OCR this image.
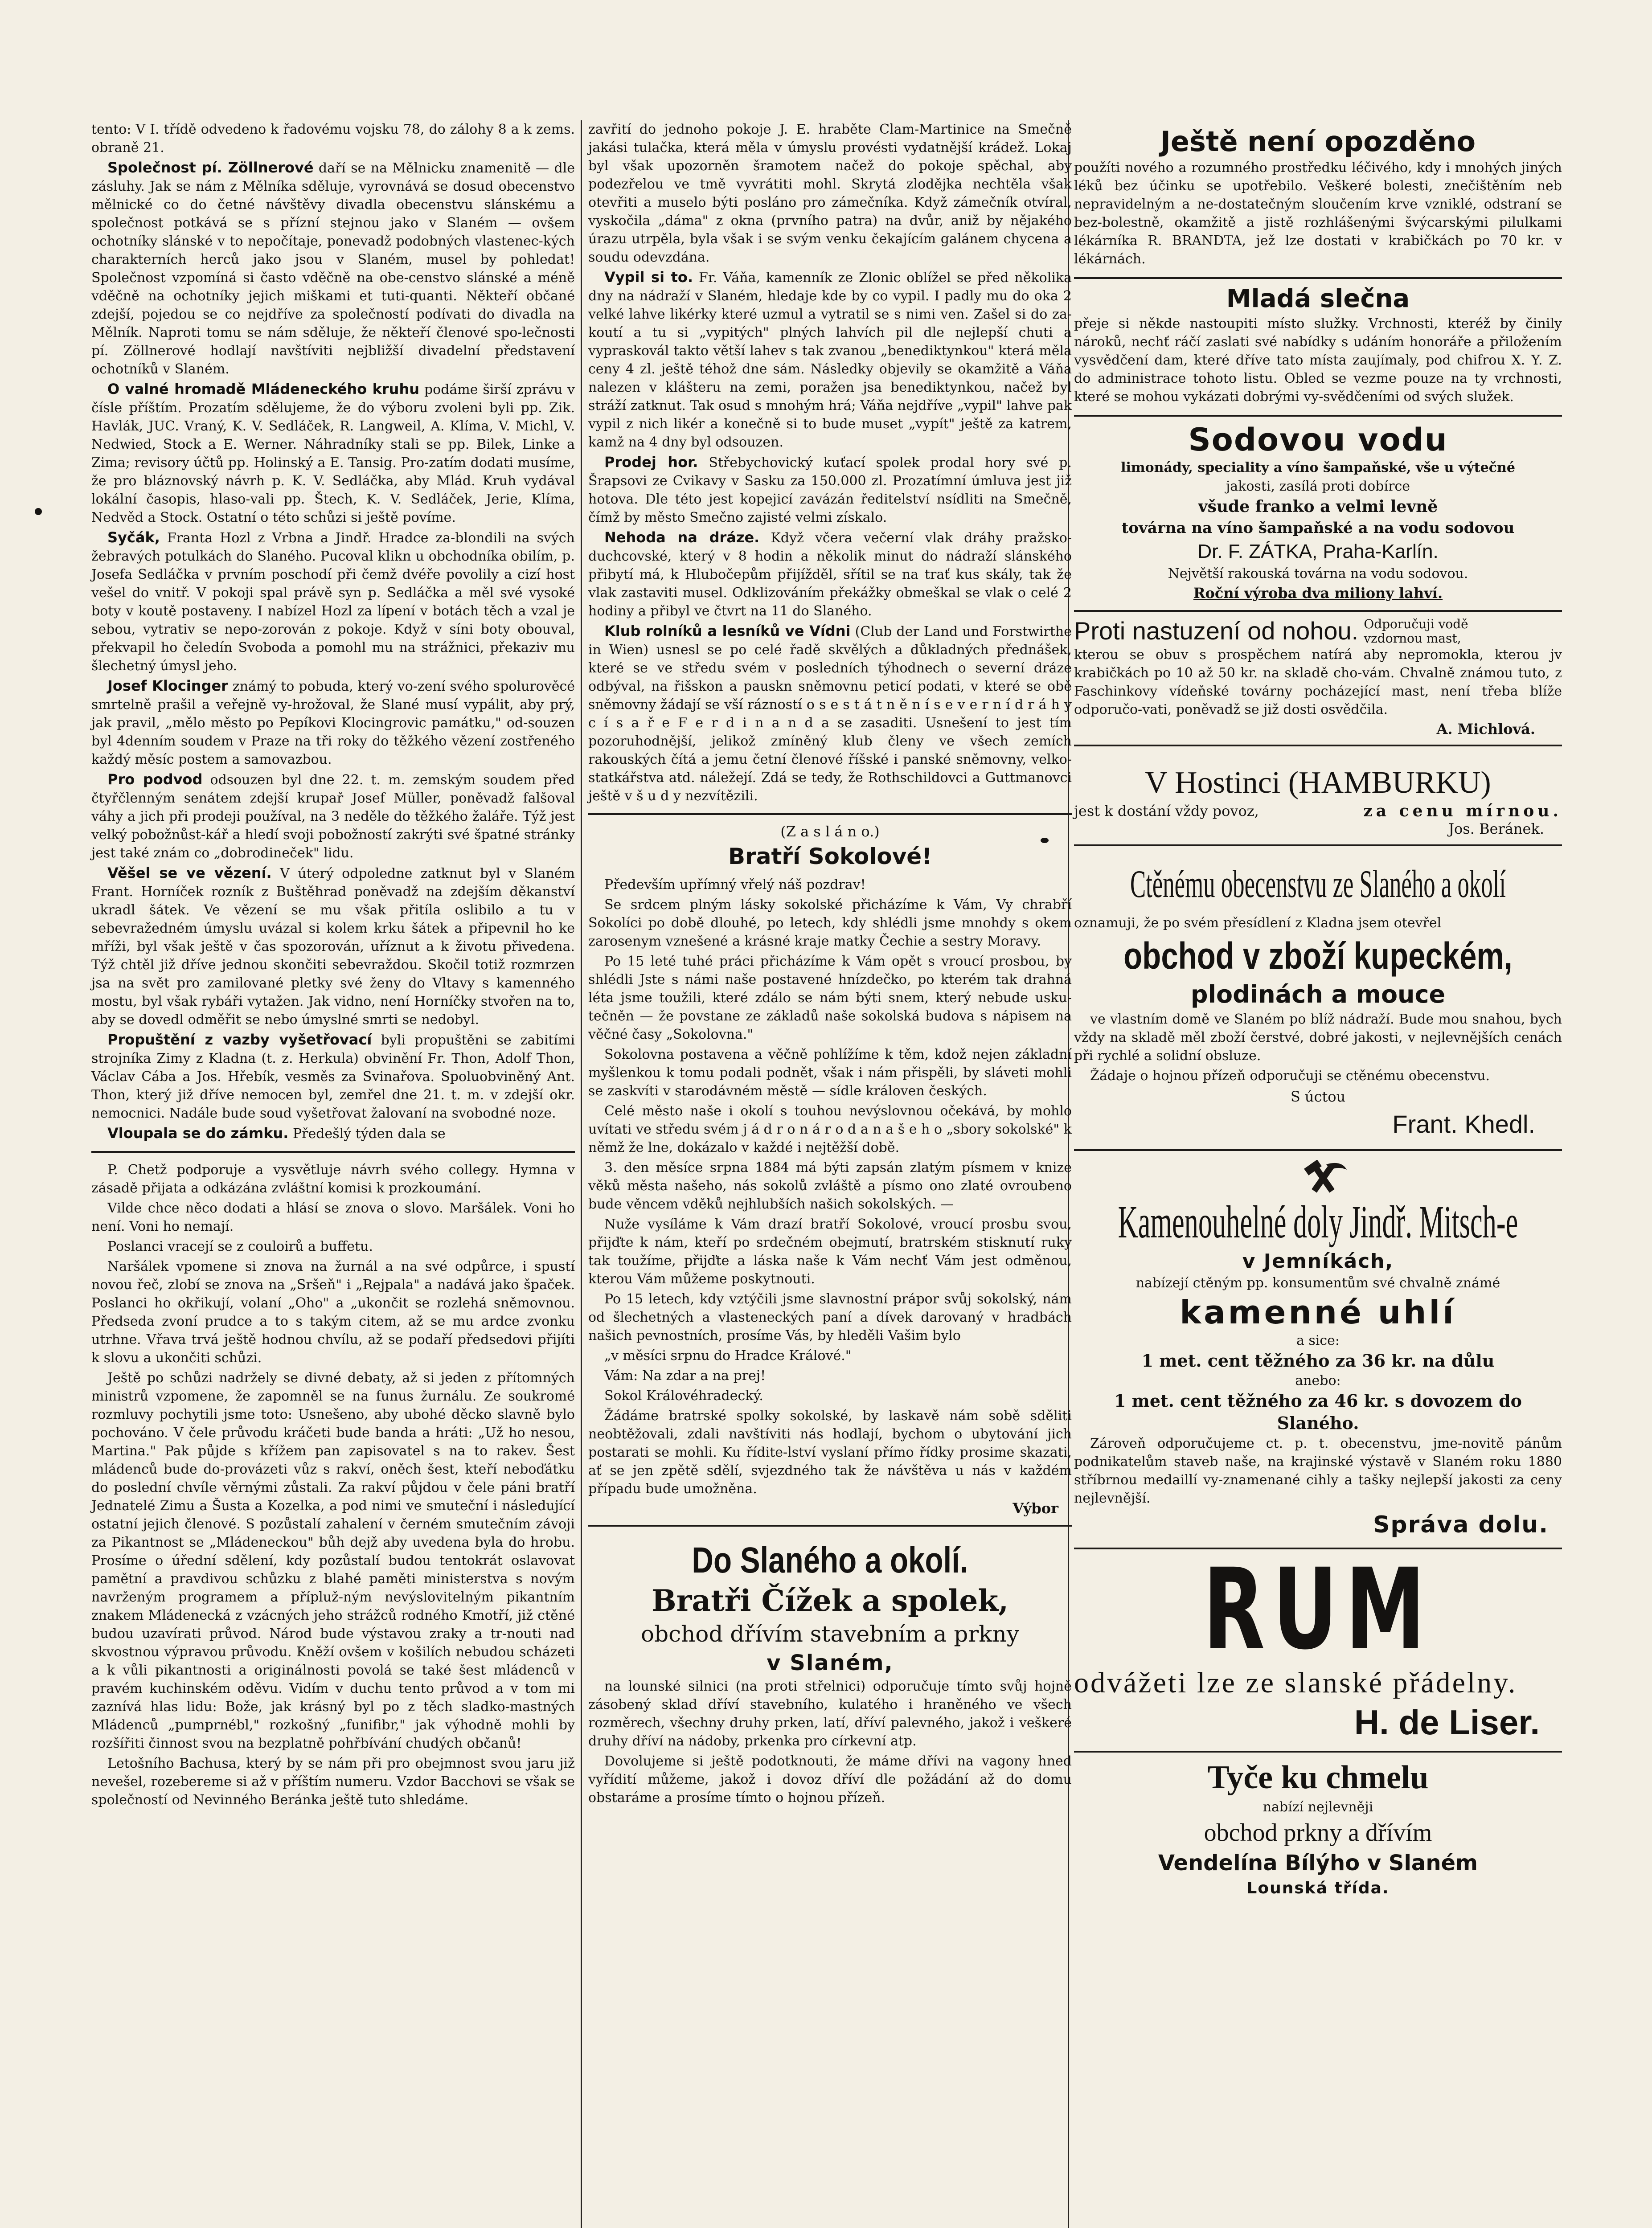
tento: V I. třídě odvedeno k řadovému vojsku 78, do zálohy 8 a k zems. obraně 21.

Společnost pí. Zöllnerové daří se na Mělnicku znamenitě — dle zásluhy. Jak se nám z Mělníka sděluje, vyrovnává se dosud obecenstvo mělnické co do četné návštěvy divadla obecenstvu slánskému a společnost potkává se s přízní stejnou jako v Slaném — ovšem ochotníky slánské v to nepočítaje, ponevadž podobných vlastenec-kých charakterních herců jako jsou v Slaném, musel by pohledat! Společnost vzpomíná si často vděčně na obe-censtvo slánské a méně vděčně na ochotníky jejich miškami et tuti-quanti. Někteří občané zdejší, pojedou se co nejdříve za společností podívati do divadla na Mělník. Naproti tomu se nám sděluje, že někteří členové spo-lečnosti pí. Zöllnerové hodlají navštíviti nejbližší divadelní představení ochotníků v Slaném.

O valné hromadě Mládeneckého kruhu podáme širší zprávu v čísle příštím. Prozatím sdělujeme, že do výboru zvoleni byli pp. Zik. Havlák, JUC. Vraný, K. V. Sedláček, R. Langweil, A. Klíma, V. Michl, V. Nedwied, Stock a E. Werner. Náhradníky stali se pp. Bilek, Linke a Zima; revisory účtů pp. Holinský a E. Tansig. Pro-zatím dodati musíme, že pro bláznovský návrh p. K. V. Sedláčka, aby Mlád. Kruh vydával lokální časopis, hlaso-vali pp. Štech, K. V. Sedláček, Jerie, Klíma, Nedvěd a Stock. Ostatní o této schůzi si ještě povíme.

Syčák, Franta Hozl z Vrbna a Jindř. Hradce za-blondili na svých žebravých potulkách do Slaného. Pucoval klikn u obchodníka obilím, p. Josefa Sedláčka v prvním poschodí při čemž dvéře povolily a cizí host vešel do vnitř. V pokoji spal právě syn p. Sedláčka a měl své vysoké boty v koutě postaveny. I nabízel Hozl za lípení v botách těch a vzal je sebou, vytrativ se nepo-zorován z pokoje. Když v síni boty obouval, překvapil ho čeledín Svoboda a pomohl mu na strážnici, překaziv mu šlechetný úmysl jeho.

Josef Klocinger známý to pobuda, který vo-zení svého spolurověcé smrtelně prašil a veřejně vy-hrožoval, že Slané musí vypálit, aby prý, jak pravil, „mělo město po Pepíkovi Klocingrovic památku," od-souzen byl 4denním soudem v Praze na tři roky do těžkého vězení zostřeného každý měsíc postem a samovazbou.

Pro podvod odsouzen byl dne 22. t. m. zemským soudem před čtyřčlenným senátem zdejší krupař Josef Müller, poněvadž falšoval váhy a jich při prodeji používal, na 3 neděle do těžkého žaláře. Týž jest velký pobožnůst-kář a hledí svoji pobožností zakrýti své špatné stránky jest také znám co „dobrodineček" lidu.

Věšel se ve vězení. V úterý odpoledne zatknut byl v Slaném Frant. Horníček rozník z Buštěhrad poněvadž na zdejším děkanství ukradl šátek. Ve vězení se mu však přitíla oslibilo a tu v sebevražedném úmyslu uvázal si kolem krku šátek a připevnil ho ke mříži, byl však ještě v čas spozorován, uříznut a k životu přivedena. Týž chtěl již dříve jednou skončiti sebevraždou. Skočil totiž rozmrzen jsa na svět pro zamilované pletky své ženy do Vltavy s kamenného mostu, byl však rybáři vytažen. Jak vidno, není Horníčky stvořen na to, aby se dovedl odměřit se nebo úmyslné smrti se nedobyl.

Propuštění z vazby vyšetřovací byli propuštěni se zabitími strojníka Zimy z Kladna (t. z. Herkula) obvinění Fr. Thon, Adolf Thon, Václav Cába a Jos. Hřebík, vesměs za Svinařova. Spoluobviněný Ant. Thon, který již dříve nemocen byl, zemřel dne 21. t. m. v zdejší okr. nemocnici. Nadále bude soud vyšetřovat žalovaní na svobodné noze.

Vloupala se do zámku. Předešlý týden dala se

P. Chetž podporuje a vysvětluje návrh svého collegy. Hymna v zásadě přijata a odkázána zvláštní komisi k prozkoumání.

Vilde chce něco dodati a hlásí se znova o slovo. Maršálek. Voni ho není. Voni ho nemají.

Poslanci vracejí se z couloirů a buffetu.

Naršálek vpomene si znova na žurnál a na své odpůrce, i spustí novou řeč, zlobí se znova na „Sršeň" i „Rejpala" a nadává jako špaček. Poslanci ho okřikují, volaní „Oho" a „ukončit se rozlehá sněmovnou. Předseda zvoní prudce a to s takým citem, až se mu ardce zvonku utrhne. Vřava trvá ještě hodnou chvílu, až se podaří předsedovi přijíti k slovu a ukončiti schůzi.

Ještě po schůzi nadržely se divné debaty, až si jeden z přítomných ministrů vzpomene, že zapomněl se na funus žurnálu. Ze soukromé rozmluvy pochytili jsme toto: Usnešeno, aby ubohé děcko slavně bylo pochováno. V čele průvodu kráčeti bude banda a hráti: „Už ho nesou, Martina." Pak půjde s křížem pan zapisovatel s na to rakev. Šest mládenců bude do-provázeti vůz s rakví, oněch šest, kteří neboďátku do poslední chvíle věrnými zůstali. Za rakví půjdou v čele páni bratří Jednatelé Zimu a Šusta a Kozelka, a pod nimi ve smuteční i následující ostatní jejich členové. S pozůstalí zahalení v černém smutečním závoji za Pikantnost se „Mládeneckou" bůh dejž aby uvedena byla do hrobu. Prosíme o úřední sdělení, kdy pozůstalí budou tentokrát oslavovat pamětní a pravdivou schůzku z blahé paměti ministerstva s novým navrženým programem a přípluž-ným nevýslovitelným pikantním znakem Mládenecká z vzácných jeho strážců rodného Kmotří, již ctěné budou uzavírati průvod. Národ bude výstavou zraky a tr-nouti nad skvostnou výpravou průvodu. Kněží ovšem v košilích nebudou scházeti a k vůli pikantnosti a originálnosti povolá se také šest mládenců v pravém kuchinském oděvu. Vidím v duchu tento průvod a v tom mi zaznívá hlas lidu: Bože, jak krásný byl po z těch sladko-mastných Mládenců „pumprnébl," rozkošný „funifibr," jak výhodně mohli by rozšířiti činnost svou na bezplatně pohřbívání chudých občanů!

Letošního Bachusa, který by se nám při pro obejmnost svou jaru již nevešel, rozebereme si až v příštím numeru. Vzdor Bacchovi se však se společností od Nevinného Beránka ještě tuto shledáme.

zavřití do jednoho pokoje J. E. hraběte Clam-Martinice na Smečně jakási tulačka, která měla v úmyslu provésti vydatnější krádež. Lokaj byl však upozorněn šramotem načež do pokoje spěchal, aby podezřelou ve tmě vyvrátiti mohl. Skrytá zlodějka nechtěla však otevřiti a muselo býti posláno pro zámečníka. Když zámečník otvíral, vyskočila „dáma" z okna (prvního patra) na dvůr, aniž by nějakého úrazu utrpěla, byla však i se svým venku čekajícím galánem chycena a soudu odevzdána.

Vypil si to. Fr. Váňa, kamenník ze Zlonic oblížel se před několika dny na nádraží v Slaném, hledaje kde by co vypil. I padly mu do oka 2 velké lahve likérky které uzmul a vytratil se s nimi ven. Zašel si do za-koutí a tu si „vypitých" plných lahvích pil dle nejlepší chuti a vypraskovál takto větší lahev s tak zvanou „benediktynkou" která měla ceny 4 zl. ještě téhož dne sám. Následky objevily se okamžitě a Váňa nalezen v klášteru na zemi, poražen jsa benediktynkou, načež byl stráží zatknut. Tak osud s mnohým hrá; Váňa nejdříve „vypil" lahve pak vypil z nich likér a konečně si to bude muset „vypít" ještě za katrem, kamž na 4 dny byl odsouzen.

Prodej hor. Střebychovický kuťací spolek prodal hory své p. Šrapsovi ze Cvikavy v Sasku za 150.000 zl. Prozatímní úmluva jest již hotova. Dle této jest kopejicí zavázán ředitelství nsídliti na Smečně, čímž by město Smečno zajisté velmi získalo.

Nehoda na dráze. Když včera večerní vlak dráhy pražsko-duchcovské, který v 8 hodin a několik minut do nádraží slánského přibytí má, k Hlubočepům přijížděl, sřítil se na trať kus skály, tak že vlak zastaviti musel. Odklizováním překážky obmeškal se vlak o celé 2 hodiny a přibyl ve čtvrt na 11 do Slaného.

Klub rolníků a lesníků ve Vídni (Club der Land und Forstwirthe in Wien) usnesl se po celé řadě skvělých a důkladných přednášek, které se ve středu svém v posledních týhodnech o severní dráze odbýval, na řišskon a pauskn sněmovnu peticí podati, v které se obě sněmovny žádají se vší rázností o s e s t á t n ě n í s e v e r n í d r á h y c í s a ř e F e r d i n a n d a se zasaditi. Usnešení to jest tím pozoruhodnější, jelikož zmíněný klub členy ve všech zemích rakouských čítá a jemu četní členové říšské i panské sněmovny, velko-statkářstva atd. náležejí. Zdá se tedy, že Rothschildovci a Guttmanovci ještě v š u d y nezvítězili.

(Z a s l á n o.)
Bratří Sokolové!

Především upřímný vřelý náš pozdrav!

Se srdcem plným lásky sokolské přicházíme k Vám, Vy chrabří Sokolíci po době dlouhé, po letech, kdy shlédli jsme mnohdy s okem zarosenym vznešené a krásné kraje matky Čechie a sestry Moravy.

Po 15 leté tuhé práci přicházíme k Vám opět s vroucí prosbou, by shlédli Jste s námi naše postavené hnízdečko, po kterém tak drahná léta jsme toužili, které zdálo se nám býti snem, který nebude usku-tečněn — že povstane ze základů naše sokolská budova s nápisem na věčné časy „Sokolovna."

Sokolovna postavena a věčně pohlížíme k těm, kdož nejen základní myšlenkou k tomu podali podnět, však i nám přispěli, by sláveti mohli se zaskvíti v starodávném městě — sídle královen českých.

Celé město naše i okolí s touhou nevýslovnou očekává, by mohlo uvítati ve středu svém j á d r o n á r o d a n a š e h o „sbory sokolské" k němž že lne, dokázalo v každé i nejtěžší době.

3. den měsíce srpna 1884 má býti zapsán zlatým písmem v knize věků města našeho, nás sokolů zvláště a písmo ono zlaté ovroubeno bude věncem vděků nejhlubších našich sokolských. —

Nuže vysíláme k Vám drazí bratří Sokolové, vroucí prosbu svou, přijďte k nám, kteří po srdečném obejmutí, bratrském stisknutí ruky tak toužíme, přijďte a láska naše k Vám nechť Vám jest odměnou, kterou Vám můžeme poskytnouti.

Po 15 letech, kdy vztýčili jsme slavnostní prápor svůj sokolský, nám od šlechetných a vlasteneckých paní a dívek darovaný v hradbách našich pevnostních, prosíme Vás, by hleděli Vašim bylo

„v měsíci srpnu do Hradce Králové."

Vám: Na zdar a na prej!

Sokol Královéhradecký.

Žádáme bratrské spolky sokolské, by laskavě nám sobě sděliti neobtěžovali, zdali navštíviti nás hodlají, bychom o ubytování jich postarati se mohli. Ku řídite-lství vyslaní přímo řídky prosime skazati, ať se jen zpětě sdělí, svjezdného tak že návštěva u nás v každém případu bude umožněna.

Výbor
Do Slaného a okolí.
Bratři Čížek a spolek,
obchod dřívím stavebním a prkny
v Slaném,

na lounské silnici (na proti střelnici) odporučuje tímto svůj hojně zásobený sklad dříví stavebního, kulatého i hraněného ve všech rozměrech, všechny druhy prken, latí, dříví palevného, jakož i veškeré druhy dříví na nádoby, prkenka pro církevní atp.

Dovolujeme si ještě podotknouti, že máme dřívi na vagony hned vyřídití můžeme, jakož i dovoz dříví dle požádání až do domu obstaráme a prosíme tímto o hojnou přízeň.

Ještě není opozděno

použíti nového a rozumného prostředku léčivého, kdy i mnohých jiných léků bez účinku se upotřebilo. Veškeré bolesti, znečištěním neb nepravidelným a ne-dostatečným sloučením krve vzniklé, odstraní se bez-bolestně, okamžitě a jistě rozhlášenými švýcarskými pilulkami lékárníka R. BRANDTA, jež lze dostati v krabičkách po 70 kr. v lékárnách.

Mladá slečna

přeje si někde nastoupiti místo služky. Vrchnosti, kteréž by činily nároků, nechť ráčí zaslati své nabídky s udáním honoráře a přiložením vysvědčení dam, které dříve tato místa zaujímaly, pod chifrou X. Y. Z. do administrace tohoto listu. Obled se vezme pouze na ty vrchnosti, které se mohou vykázati dobrými vy-svědčeními od svých služek.

Sodovou vodu
limonády, speciality a víno šampaňské, vše u výtečné
jakosti, zasílá proti dobírce
všude franko a velmi levně
továrna na víno šampaňské a na vodu sodovou
Dr. F. ZÁTKA, Praha-Karlín.
Největší rakouská továrna na vodu sodovou.
Roční výroba dva miliony lahví.
Proti nastuzení od nohou. Odporučuji vodě vzdornou mast,

kterou se obuv s prospěchem natírá aby nepromokla, kterou jv krabičkách po 10 až 50 kr. na skladě cho-vám. Chvalně známou tuto, z Faschinkovy vídeňské továrny pocházející mast, není třeba blíže odporučo-vati, poněvadž se již dosti osvědčila.

A. Michlová.
V Hostinci (HAMBURKU)
jest k dostání vždy povoz,	za cenu mírnou.
Jos. Beránek.
Ctěnému obecenstvu ze Slaného a okolí
oznamuji, že po svém přesídlení z Kladna jsem otevřel
obchod v zboží kupeckém,
plodinách a mouce

ve vlastním domě ve Slaném po blíž nádraží. Bude mou snahou, bych vždy na skladě měl zboží čerstvé, dobré jakosti, v nejlevnějších cenách při rychlé a solidní obsluze.

Žádaje o hojnou přízeň odporučuji se ctěnému obecenstvu.

S úctou
Frant. Khedl.
Kamenouhelné doly Jindř. Mitsch-e
v Jemníkách,
nabízejí ctěným pp. konsumentům své chvalně známé
kamenné uhlí
a sice:
1 met. cent těžného za 36 kr. na důlu
anebo:
1 met. cent těžného za 46 kr. s dovozem do Slaného.

Zároveň odporučujeme ct. p. t. obecenstvu, jme-novitě pánům podnikatelům staveb naše, na krajinské výstavě v Slaném roku 1880 stříbrnou medaillí vy-znamenané cihly a tašky nejlepší jakosti za ceny nejlevnější.

Správa dolu.
RUM
odvážeti lze ze slanské přádelny.
H. de Liser.
Tyče ku chmelu
nabízí nejlevněji
obchod prkny a dřívím
Vendelína Bílýho v Slaném
Lounská třída.
